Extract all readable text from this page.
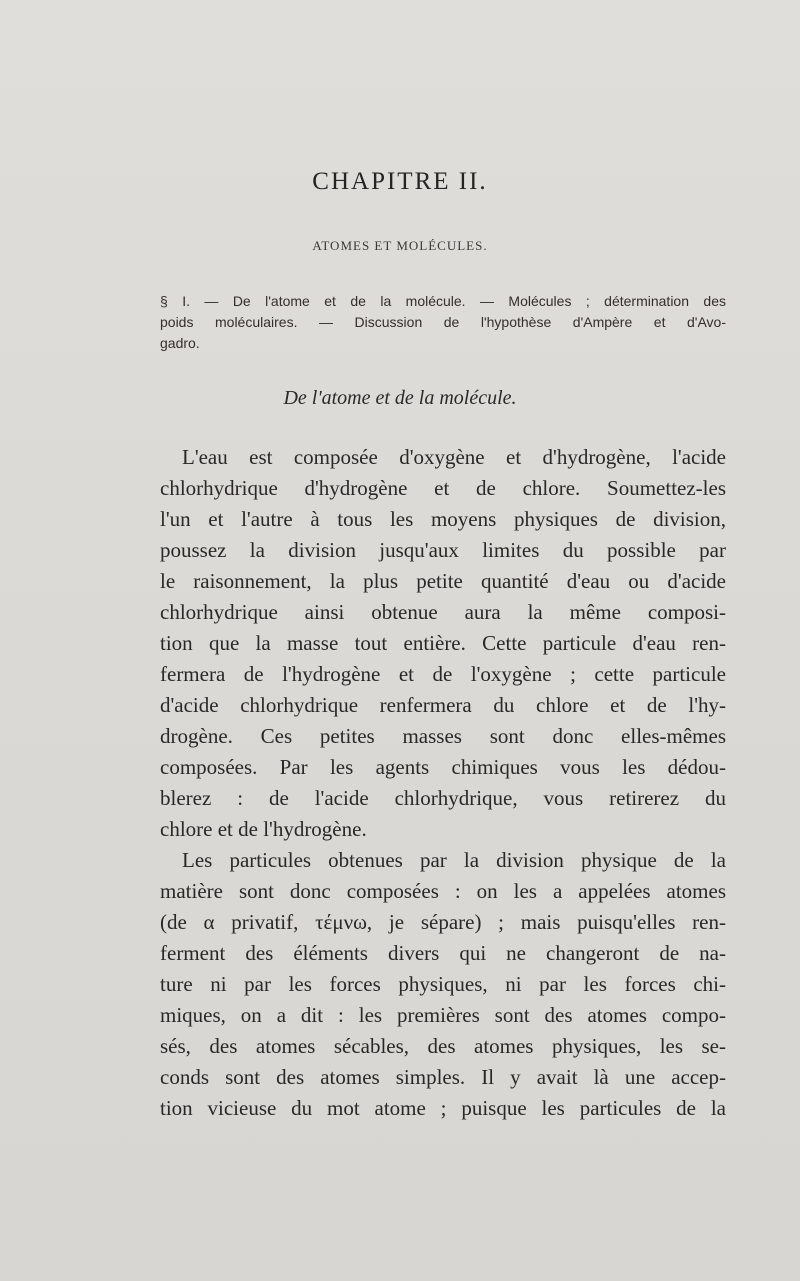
CHAPITRE II.
ATOMES ET MOLÉCULES.
§ I. — De l'atome et de la molécule. — Molécules ; détermination des
poids moléculaires. — Discussion de l'hypothèse d'Ampère et d'Avo-
gadro.
De l'atome et de la molécule.
L'eau est composée d'oxygène et d'hydrogène, l'acide
chlorhydrique d'hydrogène et de chlore. Soumettez-les
l'un et l'autre à tous les moyens physiques de division,
poussez la division jusqu'aux limites du possible par
le raisonnement, la plus petite quantité d'eau ou d'acide
chlorhydrique ainsi obtenue aura la même composi-
tion que la masse tout entière. Cette particule d'eau ren-
fermera de l'hydrogène et de l'oxygène ; cette particule
d'acide chlorhydrique renfermera du chlore et de l'hy-
drogène. Ces petites masses sont donc elles-mêmes
composées. Par les agents chimiques vous les dédou-
blerez : de l'acide chlorhydrique, vous retirerez du
chlore et de l'hydrogène.
Les particules obtenues par la division physique de la
matière sont donc composées : on les a appelées atomes
(de α privatif, τέμνω, je sépare) ; mais puisqu'elles ren-
ferment des éléments divers qui ne changeront de na-
ture ni par les forces physiques, ni par les forces chi-
miques, on a dit : les premières sont des atomes compo-
sés, des atomes sécables, des atomes physiques, les se-
conds sont des atomes simples. Il y avait là une accep-
tion vicieuse du mot atome ; puisque les particules de la
